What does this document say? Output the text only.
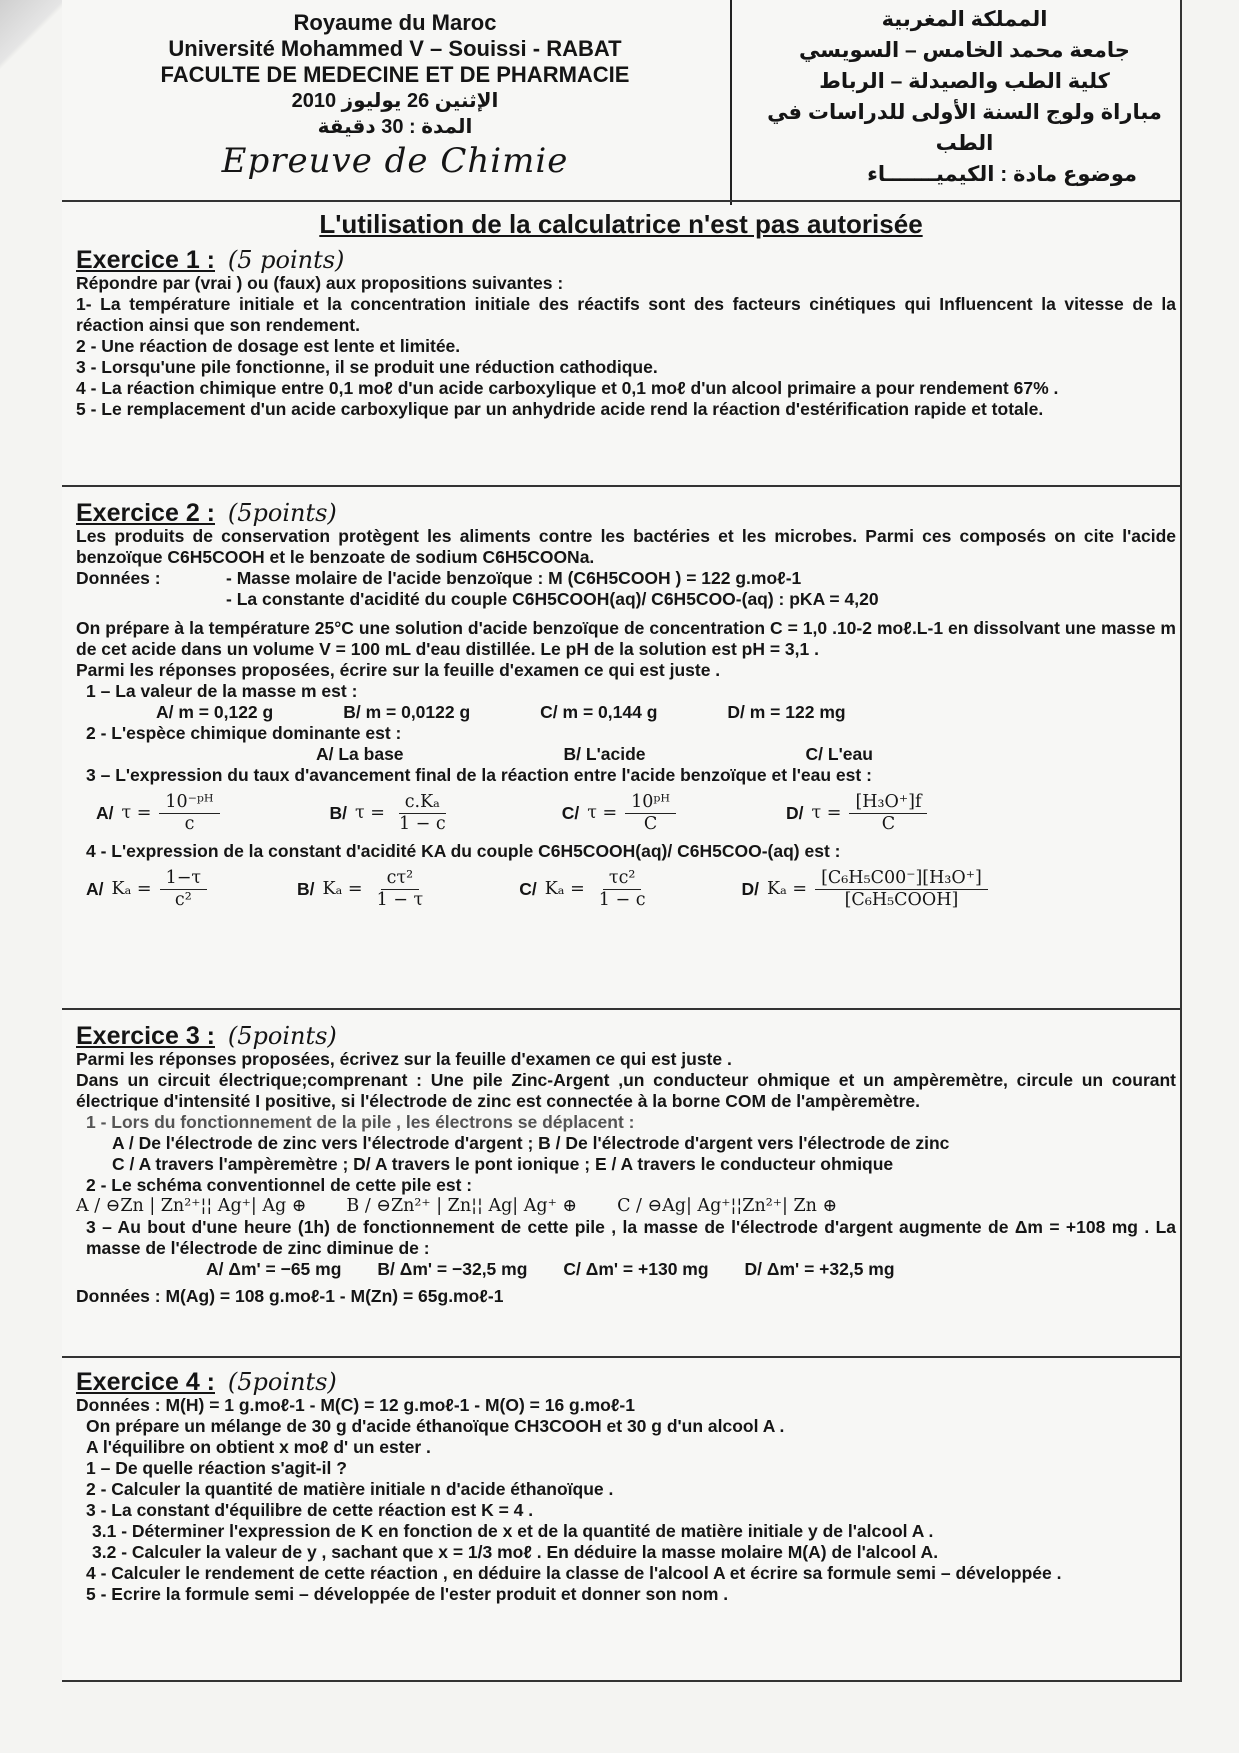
Royaume du Maroc
Université Mohammed V – Souissi - RABAT
FACULTE DE MEDECINE ET DE PHARMACIE
الإثنين 26 يوليوز 2010
المدة : 30 دقيقة
Epreuve de Chimie
المملكة المغربية
جامعة محمد الخامس – السويسي
كلية الطب والصيدلة – الرباط
مباراة ولوج السنة الأولى للدراسات في الطب
موضوع مادة : الكيميـــــــاء
L'utilisation de la calculatrice n'est pas autorisée
Exercice 1 : (5 points)
Répondre par (vrai ) ou (faux) aux propositions suivantes :
1- La température initiale et la concentration initiale des réactifs sont des facteurs cinétiques qui Influencent la vitesse de la réaction ainsi que son rendement.
2 - Une réaction de dosage est lente et limitée.
3 - Lorsqu'une pile fonctionne, il se produit une réduction cathodique.
4 - La réaction chimique entre 0,1 moℓ d'un acide carboxylique et 0,1 moℓ d'un alcool primaire a pour rendement 67% .
5 - Le remplacement d'un acide carboxylique par un anhydride acide rend la réaction d'estérification rapide et totale.
Exercice 2 : (5points)
Les produits de conservation protègent les aliments contre les bactéries et les microbes. Parmi ces composés on cite l'acide benzoïque C6H5COOH et le benzoate de sodium C6H5COONa.
Données :	- Masse molaire de l'acide benzoïque : M (C6H5COOH ) = 122 g.moℓ-1
- La constante d'acidité du couple C6H5COOH(aq)/ C6H5COO-(aq) : pKA = 4,20
On prépare à la température 25°C une solution d'acide benzoïque de concentration C = 1,0 .10-2 moℓ.L-1 en dissolvant une masse m de cet acide dans un volume V = 100 mL d'eau distillée. Le pH de la solution est pH = 3,1 .
Parmi les réponses proposées, écrire sur la feuille d'examen ce qui est juste .
1 – La valeur de la masse m est :
A/ m = 0,122 g	B/ m = 0,0122 g	C/ m = 0,144 g	D/ m = 122 mg
2 - L'espèce chimique dominante est :
A/ La base	B/ L'acide	C/ L'eau
3 – L'expression du taux d'avancement final de la réaction entre l'acide benzoïque et l'eau est :
A/ $\tau = \frac{\text{10⁻ᵖᴴ}}{c}$	B/ $\tau = \frac{\text{c.Kₐ}}{1 - c}$	C/ $\tau = \frac{\text{10ᵖᴴ}}{C}$	D/ $\tau = \frac{\text{[H₃O⁺]f}}{C}$
4 - L'expression de la constant d'acidité KA du couple C6H5COOH(aq)/ C6H5COO-(aq) est :
A/ $K_a = \frac{1-\tau}{\text{c²}}$	B/ $K_a = \frac{\text{cτ²}}{1 - \tau}$	C/ $K_a = \frac{\text{τc²}}{1 - c}$	D/ $K_a = \frac{\text{[C₆H₅C00⁻][H₃O⁺]}}{\text{[C₆H₅COOH]}}$
Exercice 3 : (5points)
Parmi les réponses proposées, écrivez sur la feuille d'examen ce qui est juste .
Dans un circuit électrique;comprenant : Une pile Zinc-Argent ,un conducteur ohmique et un ampèremètre, circule un courant électrique d'intensité I positive, si l'électrode de zinc est connectée à la borne COM de l'ampèremètre.
1 - Lors du fonctionnement de la pile , les électrons se déplacent :
A / De l'électrode de zinc vers l'électrode d'argent ; B / De l'électrode d'argent vers l'électrode de zinc
C / A travers l'ampèremètre ; D/ A travers le pont ionique ; E / A travers le conducteur ohmique
2 - Le schéma conventionnel de cette pile est :
A / ⊖Zn | Zn²⁺¦¦ Ag⁺| Ag ⊕ B / ⊖Zn²⁺ | Zn¦¦ Ag| Ag⁺ ⊕ C / ⊖Ag| Ag⁺¦¦Zn²⁺| Zn ⊕
3 – Au bout d'une heure (1h) de fonctionnement de cette pile , la masse de l'électrode d'argent augmente de Δm = +108 mg . La masse de l'électrode de zinc diminue de :
A/ Δm' = −65 mg B/ Δm' = −32,5 mg C/ Δm' = +130 mg D/ Δm' = +32,5 mg
Données : M(Ag) = 108 g.moℓ-1 - M(Zn) = 65g.moℓ-1
Exercice 4 : (5points)
Données : M(H) = 1 g.moℓ-1 - M(C) = 12 g.moℓ-1 - M(O) = 16 g.moℓ-1
On prépare un mélange de 30 g d'acide éthanoïque CH3COOH et 30 g d'un alcool A .
A l'équilibre on obtient x moℓ d' un ester .
1 – De quelle réaction s'agit-il ?
2 - Calculer la quantité de matière initiale n d'acide éthanoïque .
3 - La constant d'équilibre de cette réaction est K = 4 .
3.1 - Déterminer l'expression de K en fonction de x et de la quantité de matière initiale y de l'alcool A .
3.2 - Calculer la valeur de y , sachant que x = 1/3 moℓ . En déduire la masse molaire M(A) de l'alcool A.
4 - Calculer le rendement de cette réaction , en déduire la classe de l'alcool A et écrire sa formule semi – développée .
5 - Ecrire la formule semi – développée de l'ester produit et donner son nom .
